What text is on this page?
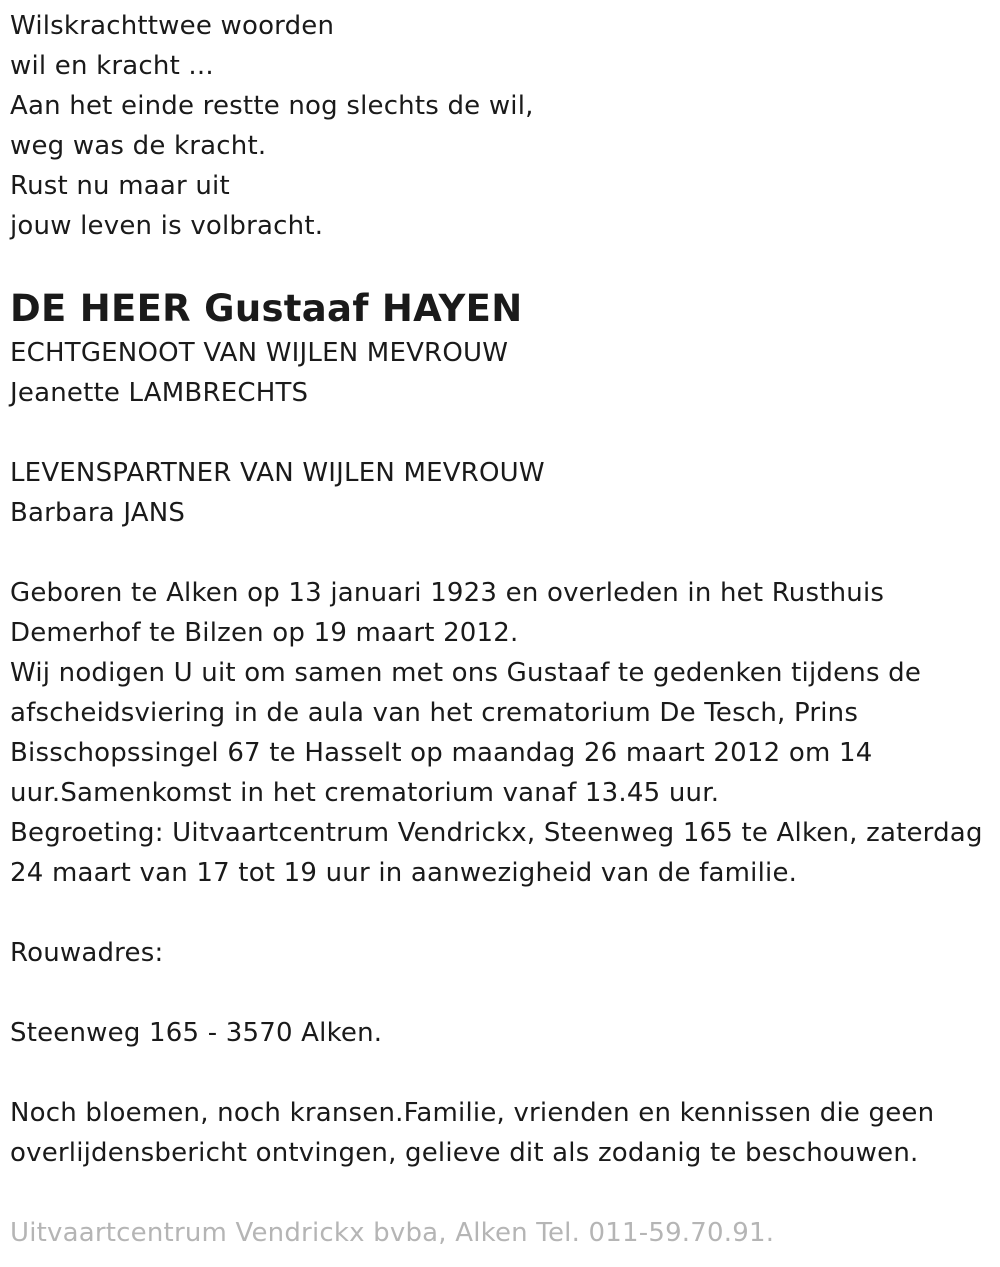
Wilskrachttwee woorden

wil en kracht ...

Aan het einde restte nog slechts de wil,

weg was de kracht.

Rust nu maar uit

jouw leven is volbracht.

DE HEER Gustaaf HAYEN

ECHTGENOOT VAN WIJLEN MEVROUW

Jeanette LAMBRECHTS

LEVENSPARTNER VAN WIJLEN MEVROUW

Barbara JANS

Geboren te Alken op 13 januari 1923 en overleden in het Rusthuis

Demerhof te Bilzen op 19 maart 2012.

Wij nodigen U uit om samen met ons Gustaaf te gedenken tijdens de

afscheidsviering in de aula van het crematorium De Tesch, Prins

Bisschopssingel 67 te Hasselt op maandag 26 maart 2012 om 14

uur.Samenkomst in het crematorium vanaf 13.45 uur.

Begroeting: Uitvaartcentrum Vendrickx, Steenweg 165 te Alken, zaterdag

24 maart van 17 tot 19 uur in aanwezigheid van de familie.

Rouwadres:

Steenweg 165 - 3570 Alken.

Noch bloemen, noch kransen.Familie, vrienden en kennissen die geen

overlijdensbericht ontvingen, gelieve dit als zodanig te beschouwen.

Uitvaartcentrum Vendrickx bvba, Alken Tel. 011-59.70.91.
